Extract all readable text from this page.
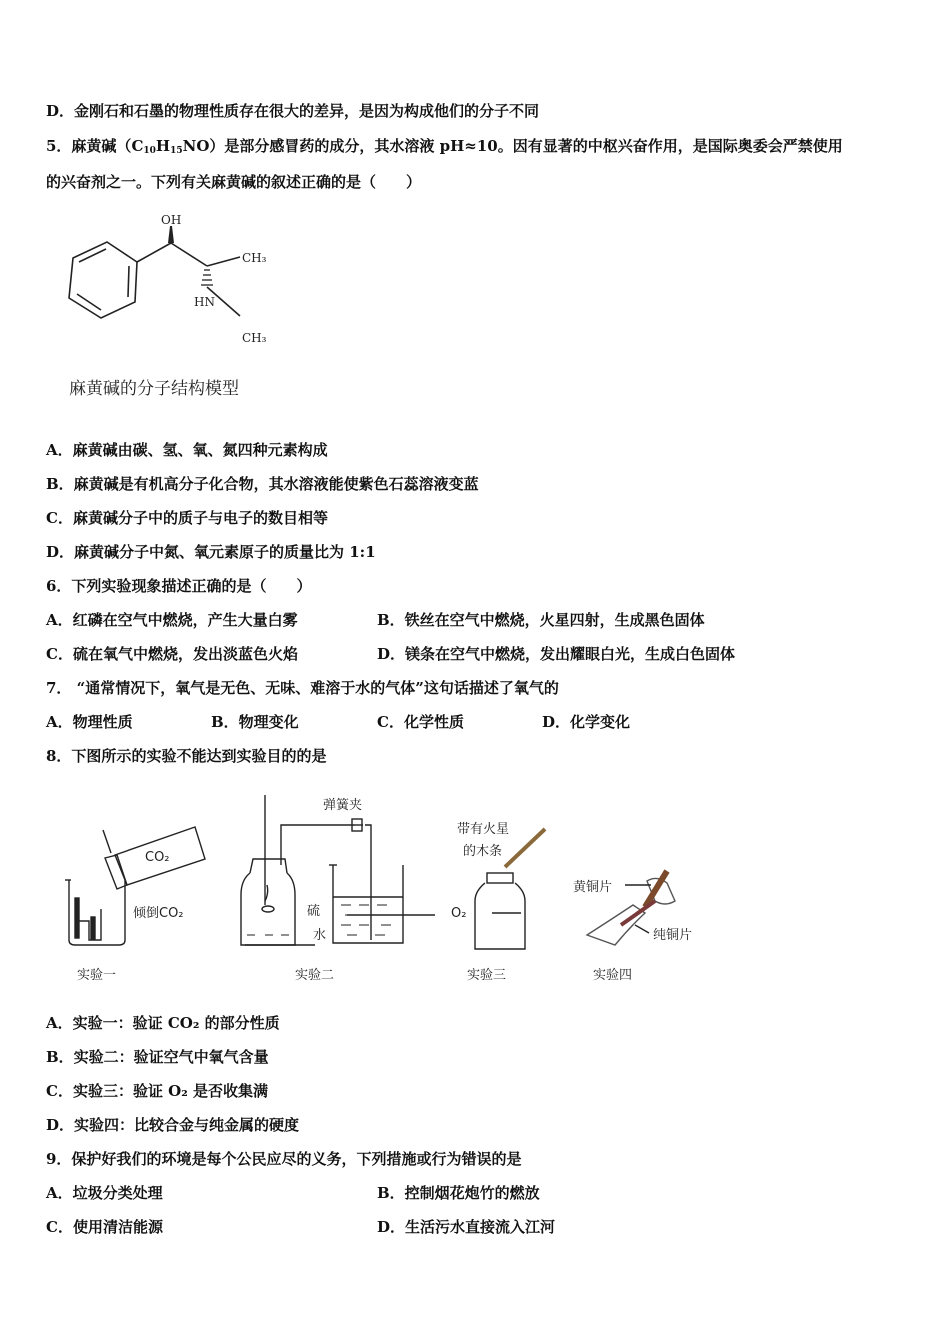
D．金刚石和石墨的物理性质存在很大的差异，是因为构成他们的分子不同
5．麻黄碱$(C_{10}H_{15}NO)$是部分感冒药的成分，其水溶液 pH≈10。因有显著的中枢兴奋作用，是国际奥委会严禁使用
的兴奋剂之一。下列有关麻黄碱的叙述正确的是（　　）
OH
CH₃
HN
CH₃
麻黄碱的分子结构模型
A．麻黄碱由碳、氢、氧、氮四种元素构成
B．麻黄碱是有机高分子化合物，其水溶液能使紫色石蕊溶液变蓝
C．麻黄碱分子中的质子与电子的数目相等
D．麻黄碱分子中氮、氧元素原子的质量比为 1:1
6．下列实验现象描述正确的是（　　）
A．红磷在空气中燃烧，产生大量白雾	B．铁丝在空气中燃烧，火星四射，生成黑色固体
C．硫在氧气中燃烧，发出淡蓝色火焰	D．镁条在空气中燃烧，发出耀眼白光，生成白色固体
7． “通常情况下，氧气是无色、无味、难溶于水的气体”这句话描述了氧气的
A．物理性质	B．物理变化	C．化学性质	D．化学变化
8．下图所示的实验不能达到实验目的的是
CO₂
倾倒CO₂
实验一
弹簧夹
硫
水
实验二
带有火星
的木条
O₂
实验三
黄铜片
纯铜片
实验四
A．实验一：验证 CO₂ 的部分性质
B．实验二：验证空气中氧气含量
C．实验三：验证 O₂ 是否收集满
D．实验四：比较合金与纯金属的硬度
9．保护好我们的环境是每个公民应尽的义务，下列措施或行为错误的是
A．垃圾分类处理	B．控制烟花炮竹的燃放
C．使用清洁能源	D．生活污水直接流入江河
